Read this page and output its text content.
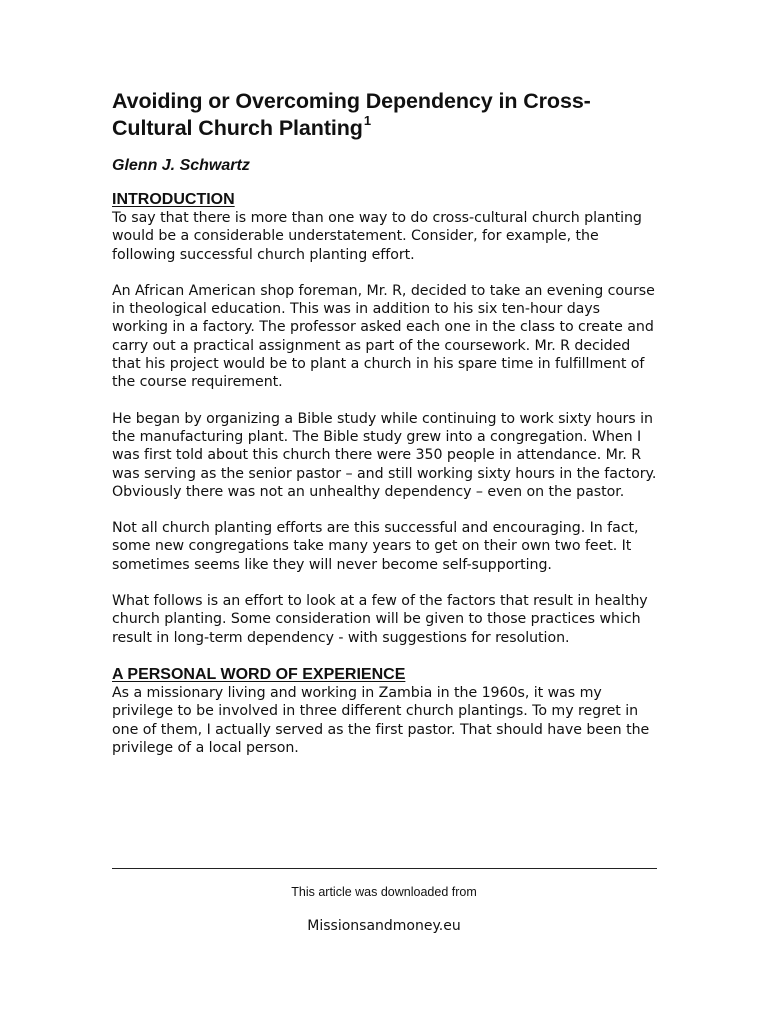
Avoiding or Overcoming Dependency in Cross-Cultural Church Planting$^1$

Glenn J. Schwartz

INTRODUCTION

To say that there is more than one way to do cross-cultural church planting would be a considerable understatement. Consider, for example, the following successful church planting effort.

An African American shop foreman, Mr. R, decided to take an evening course in theological education. This was in addition to his six ten-hour days working in a factory. The professor asked each one in the class to create and carry out a practical assignment as part of the coursework. Mr. R decided that his project would be to plant a church in his spare time in fulfillment of the course requirement.

He began by organizing a Bible study while continuing to work sixty hours in the manufacturing plant. The Bible study grew into a congregation. When I was first told about this church there were 350 people in attendance. Mr. R was serving as the senior pastor – and still working sixty hours in the factory. Obviously there was not an unhealthy dependency – even on the pastor.

Not all church planting efforts are this successful and encouraging. In fact, some new congregations take many years to get on their own two feet. It sometimes seems like they will never become self-supporting.

What follows is an effort to look at a few of the factors that result in healthy church planting. Some consideration will be given to those practices which result in long-term dependency - with suggestions for resolution.

A PERSONAL WORD OF EXPERIENCE

As a missionary living and working in Zambia in the 1960s, it was my privilege to be involved in three different church plantings. To my regret in one of them, I actually served as the first pastor. That should have been the privilege of a local person.

This article was downloaded from
Missionsandmoney.eu
